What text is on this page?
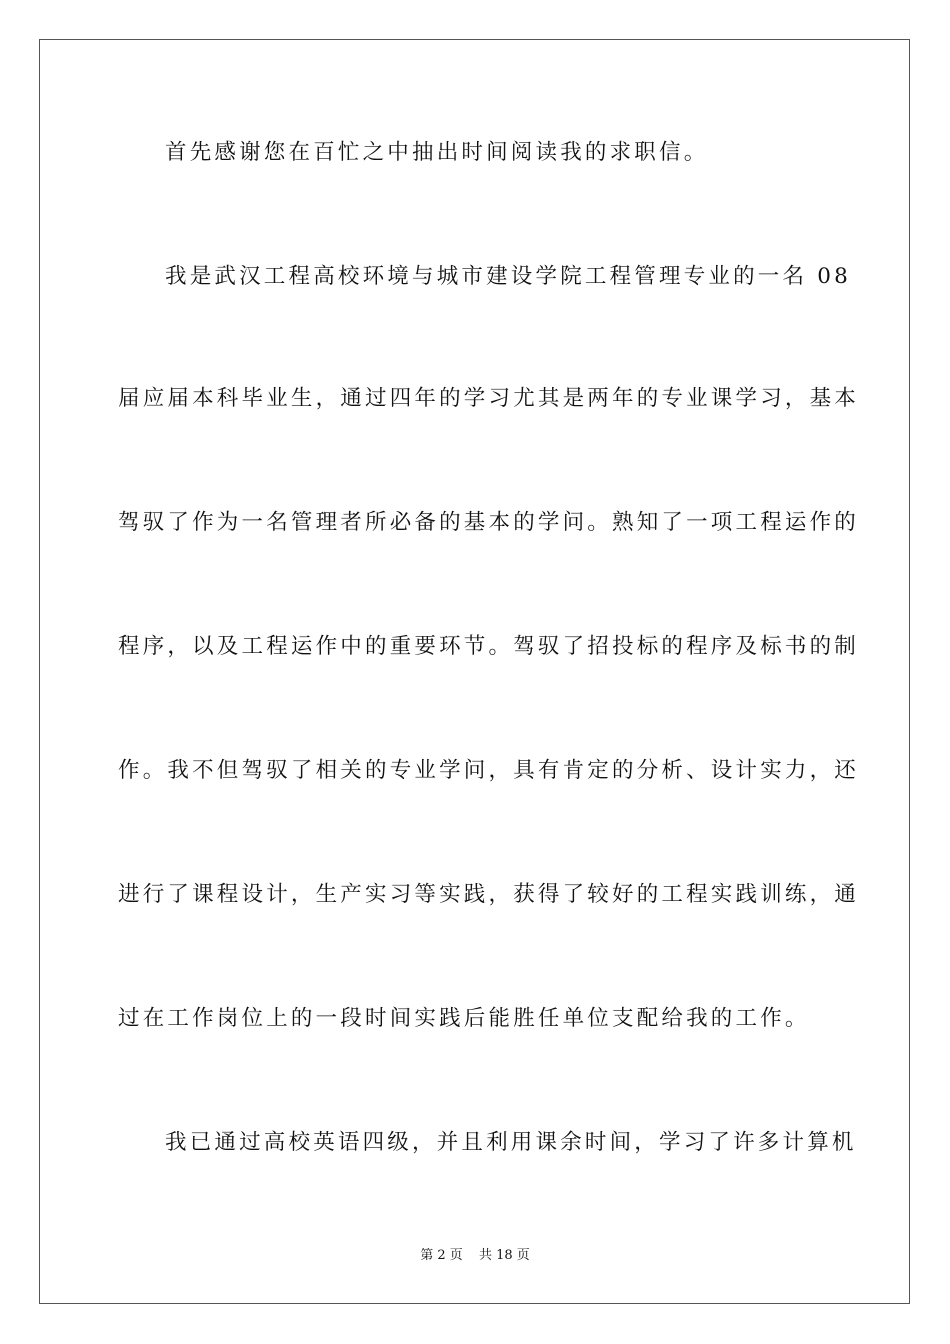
首先感谢您在百忙之中抽出时间阅读我的求职信。
我是武汉工程高校环境与城市建设学院工程管理专业的一名 08
届应届本科毕业生，通过四年的学习尤其是两年的专业课学习，基本
驾驭了作为一名管理者所必备的基本的学问。熟知了一项工程运作的
程序，以及工程运作中的重要环节。驾驭了招投标的程序及标书的制
作。我不但驾驭了相关的专业学问，具有肯定的分析、设计实力，还
进行了课程设计，生产实习等实践，获得了较好的工程实践训练，通
过在工作岗位上的一段时间实践后能胜任单位支配给我的工作。
我已通过高校英语四级，并且利用课余时间，学习了许多计算机
第 2 页 共 18 页
